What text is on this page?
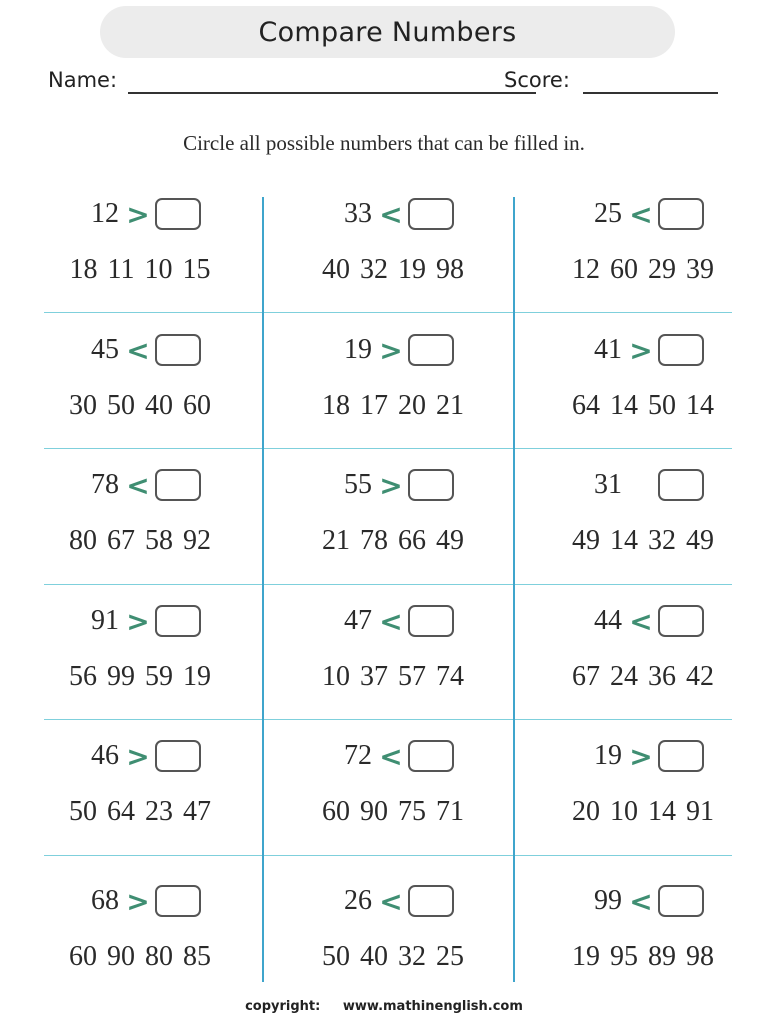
Compare Numbers
Name:	Score:
Circle all possible numbers that can be filled in.
12 >
18 11 10 15
33 <
40 32 19 98
25 <
12 60 29 39
45 <
30 50 40 60
19 >
18 17 20 21
41 >
64 14 50 14
78 <
80 67 58 92
55 >
21 78 66 49
31
49 14 32 49
91 >
56 99 59 19
47 <
10 37 57 74
44 <
67 24 36 42
46 >
50 64 23 47
72 <
60 90 75 71
19 >
20 10 14 91
68 >
60 90 80 85
26 <
50 40 32 25
99 <
19 95 89 98
copyright: www.mathinenglish.com
